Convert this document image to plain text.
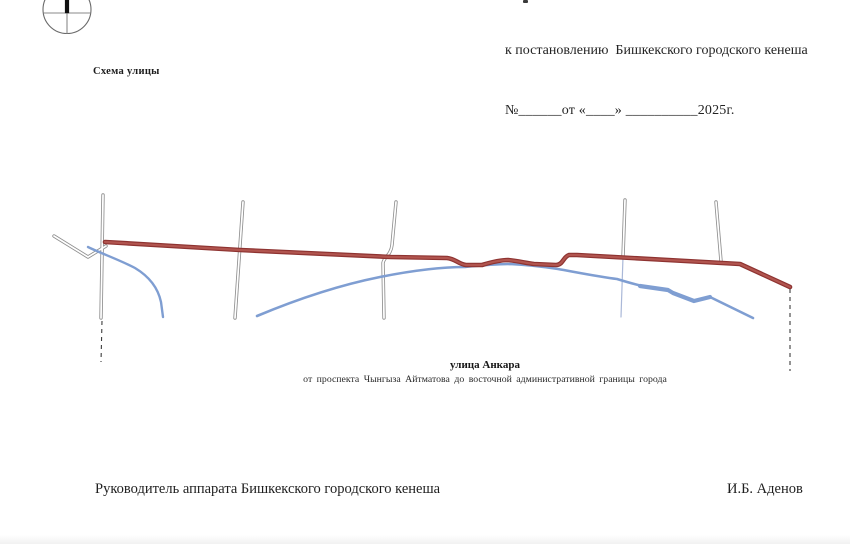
к постановлению  Бишкекского городского кенеша

№______от «____» __________2025г.

Схема улицы
улица Анкара
от проспекта Чынгыза Айтматова до восточной административной границы города
Руководитель аппарата Бишкекского городского кенеша	И.Б. Аденов
